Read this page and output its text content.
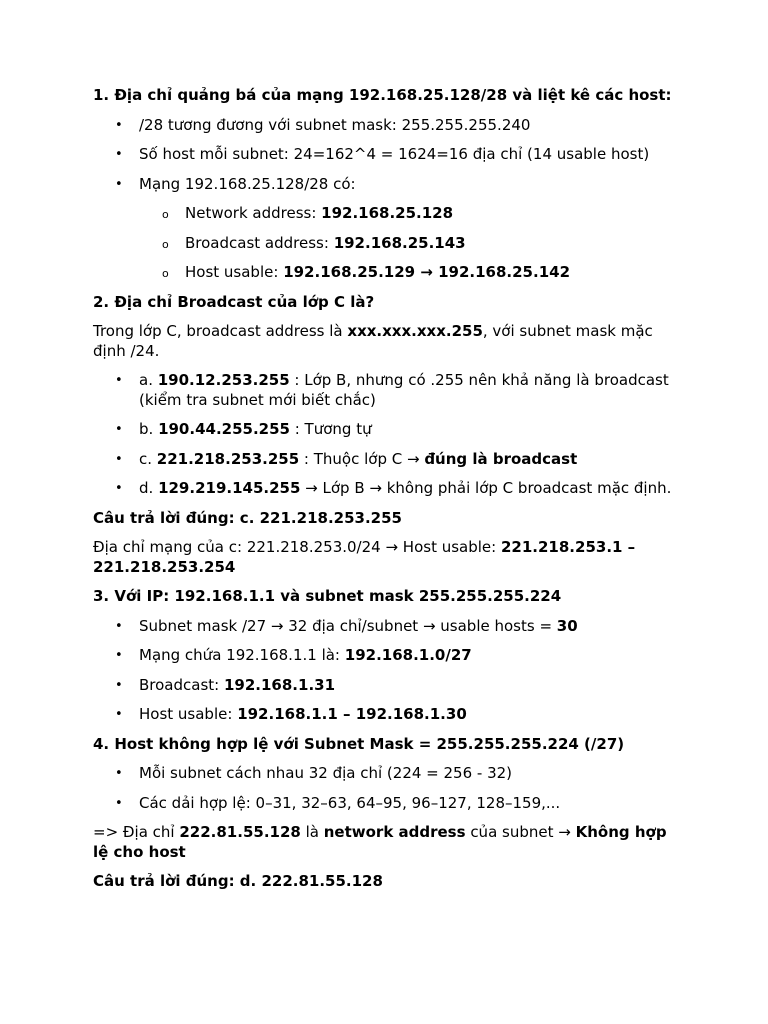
1. Địa chỉ quảng bá của mạng 192.168.25.128/28 và liệt kê các host:

• /28 tương đương với subnet mask: 255.255.255.240
• Số host mỗi subnet: 24=162^4 = 1624=16 địa chỉ (14 usable host)
• Mạng 192.168.25.128/28 có:
o Network address: 192.168.25.128
o Broadcast address: 192.168.25.143
o Host usable: 192.168.25.129 → 192.168.25.142

2. Địa chỉ Broadcast của lớp C là?

Trong lớp C, broadcast address là xxx.xxx.xxx.255, với subnet mask mặc định /24.

• a. 190.12.253.255 : Lớp B, nhưng có .255 nên khả năng là broadcast (kiểm tra subnet mới biết chắc)
• b. 190.44.255.255 : Tương tự
• c. 221.218.253.255 : Thuộc lớp C → đúng là broadcast
• d. 129.219.145.255 → Lớp B → không phải lớp C broadcast mặc định.

Câu trả lời đúng: c. 221.218.253.255

Địa chỉ mạng của c: 221.218.253.0/24 → Host usable: 221.218.253.1 – 221.218.253.254

3. Với IP: 192.168.1.1 và subnet mask 255.255.255.224

• Subnet mask /27 → 32 địa chỉ/subnet → usable hosts = 30
• Mạng chứa 192.168.1.1 là: 192.168.1.0/27
• Broadcast: 192.168.1.31
• Host usable: 192.168.1.1 – 192.168.1.30

4. Host không hợp lệ với Subnet Mask = 255.255.255.224 (/27)

• Mỗi subnet cách nhau 32 địa chỉ (224 = 256 - 32)
• Các dải hợp lệ: 0–31, 32–63, 64–95, 96–127, 128–159,...

=> Địa chỉ 222.81.55.128 là network address của subnet → Không hợp lệ cho host

Câu trả lời đúng: d. 222.81.55.128
